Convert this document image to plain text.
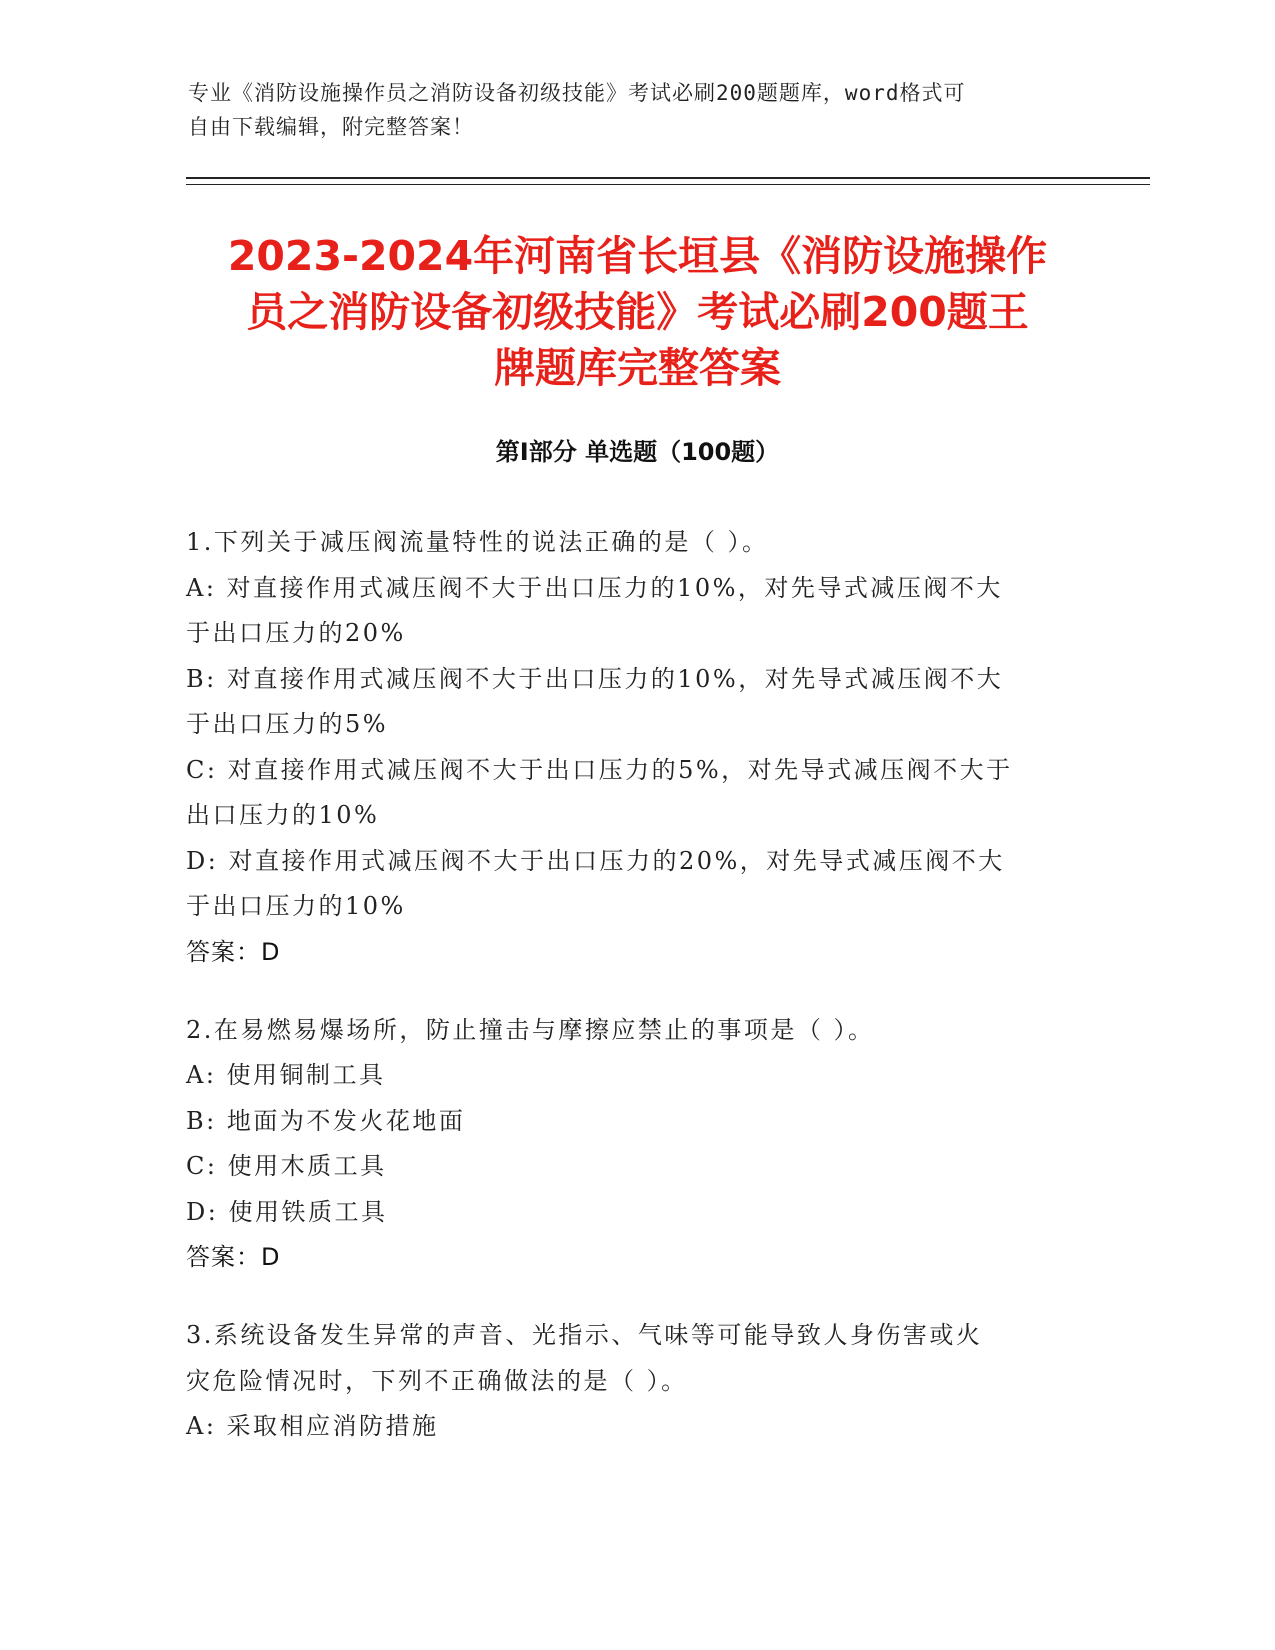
专业《消防设施操作员之消防设备初级技能》考试必刷200题题库，word格式可
自由下载编辑，附完整答案！
2023-2024年河南省长垣县《消防设施操作
员之消防设备初级技能》考试必刷200题王
牌题库完整答案
第Ⅰ部分 单选题（100题）
1.下列关于减压阀流量特性的说法正确的是（ ）。
A: 对直接作用式减压阀不大于出口压力的10%，对先导式减压阀不大
于出口压力的20%
B: 对直接作用式减压阀不大于出口压力的10%，对先导式减压阀不大
于出口压力的5%
C: 对直接作用式减压阀不大于出口压力的5%，对先导式减压阀不大于
出口压力的10%
D: 对直接作用式减压阀不大于出口压力的20%，对先导式减压阀不大
于出口压力的10%
答案：D
2.在易燃易爆场所，防止撞击与摩擦应禁止的事项是（ ）。
A: 使用铜制工具
B: 地面为不发火花地面
C: 使用木质工具
D: 使用铁质工具
答案：D
3.系统设备发生异常的声音、光指示、气味等可能导致人身伤害或火
灾危险情况时，下列不正确做法的是（ ）。
A: 采取相应消防措施
